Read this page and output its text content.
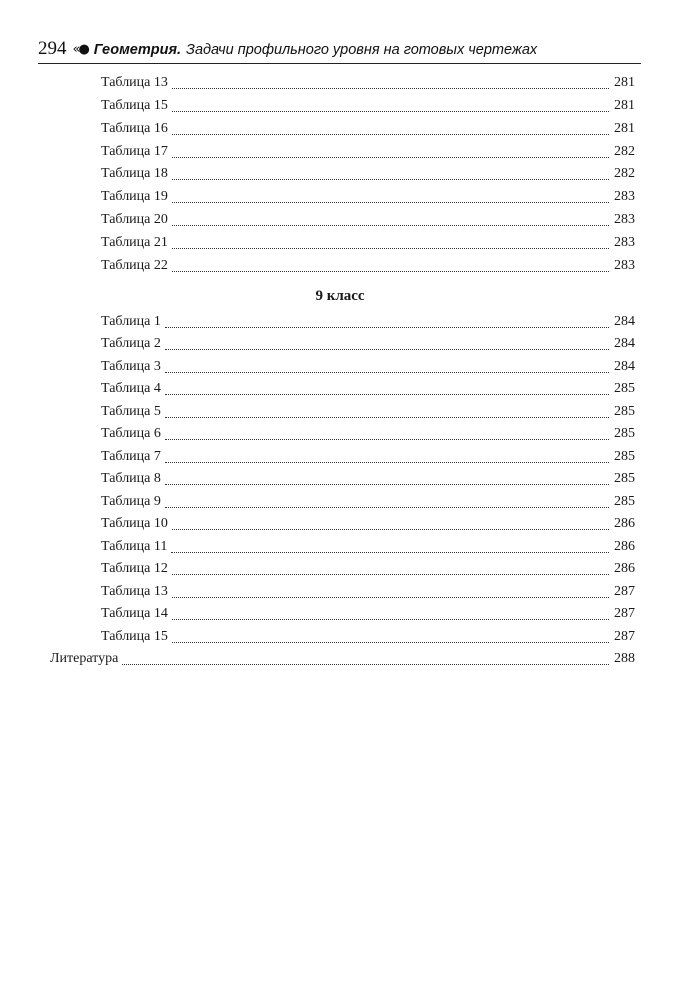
294 «● Геометрия. Задачи профильного уровня на готовых чертежах
Таблица 13	281
Таблица 15	281
Таблица 16	281
Таблица 17	282
Таблица 18	282
Таблица 19	283
Таблица 20	283
Таблица 21	283
Таблица 22	283
9 класс
Таблица 1	284
Таблица 2	284
Таблица 3	284
Таблица 4	285
Таблица 5	285
Таблица 6	285
Таблица 7	285
Таблица 8	285
Таблица 9	285
Таблица 10	286
Таблица 11	286
Таблица 12	286
Таблица 13	287
Таблица 14	287
Таблица 15	287
Литература	288
